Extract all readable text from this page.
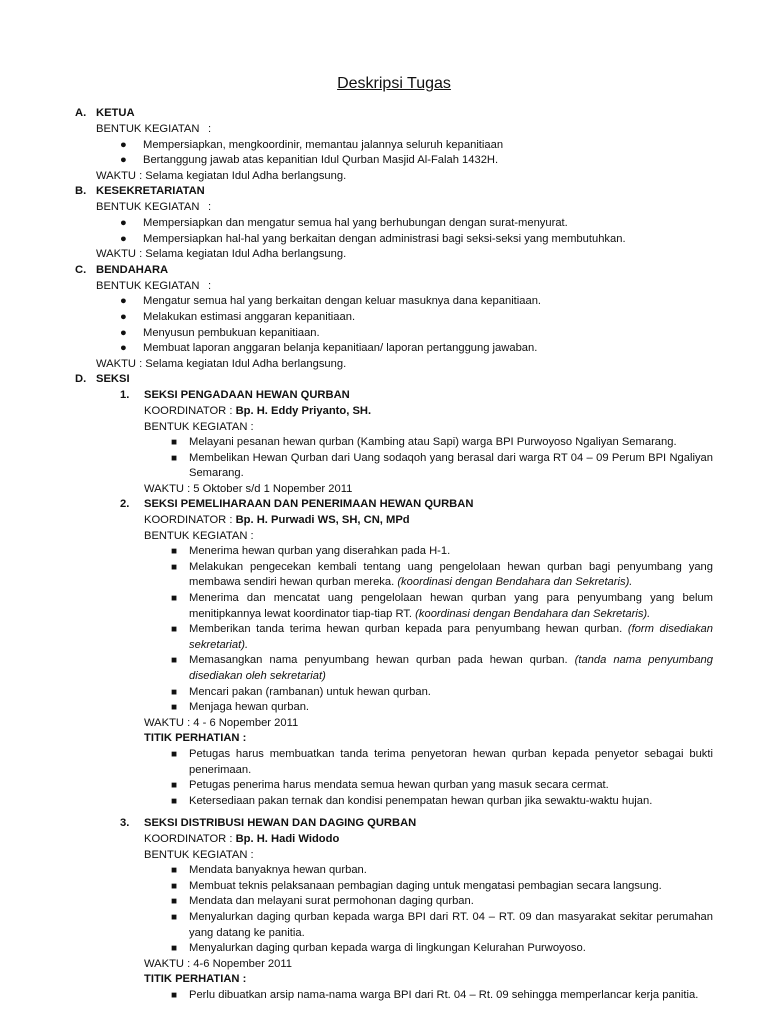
Deskripsi Tugas
A. KETUA
BENTUK KEGIATAN :
● Mempersiapkan, mengkoordinir, memantau jalannya seluruh kepanitiaan
● Bertanggung jawab atas kepanitian Idul Qurban Masjid Al-Falah 1432H.
WAKTU : Selama kegiatan Idul Adha berlangsung.
B. KESEKRETARIATAN
BENTUK KEGIATAN :
● Mempersiapkan dan mengatur semua hal yang berhubungan dengan surat-menyurat.
● Mempersiapkan hal-hal yang berkaitan dengan administrasi bagi seksi-seksi yang membutuhkan.
WAKTU : Selama kegiatan Idul Adha berlangsung.
C. BENDAHARA
BENTUK KEGIATAN :
● Mengatur semua hal yang berkaitan dengan keluar masuknya dana kepanitiaan.
● Melakukan estimasi anggaran kepanitiaan.
● Menyusun pembukuan kepanitiaan.
● Membuat laporan anggaran belanja kepanitiaan/ laporan pertanggung jawaban.
WAKTU : Selama kegiatan Idul Adha berlangsung.
D. SEKSI
1. SEKSI PENGADAAN HEWAN QURBAN
KOORDINATOR : Bp. H. Eddy Priyanto, SH.
BENTUK KEGIATAN :
■ Melayani pesanan hewan qurban (Kambing atau Sapi) warga BPI Purwoyoso Ngaliyan Semarang.
■ Membelikan Hewan Qurban dari Uang sodaqoh yang berasal dari warga RT 04 – 09 Perum BPI Ngaliyan Semarang.
WAKTU : 5 Oktober s/d 1 Nopember 2011
2. SEKSI PEMELIHARAAN DAN PENERIMAAN HEWAN QURBAN
KOORDINATOR : Bp. H. Purwadi WS, SH, CN, MPd
BENTUK KEGIATAN :
■ Menerima hewan qurban yang diserahkan pada H-1.
■ Melakukan pengecekan kembali tentang uang pengelolaan hewan qurban bagi penyumbang yang membawa sendiri hewan qurban mereka. (koordinasi dengan Bendahara dan Sekretaris).
■ Menerima dan mencatat uang pengelolaan hewan qurban yang para penyumbang yang belum menitipkannya lewat koordinator tiap-tiap RT. (koordinasi dengan Bendahara dan Sekretaris).
■ Memberikan tanda terima hewan qurban kepada para penyumbang hewan qurban. (form disediakan sekretariat).
■ Memasangkan nama penyumbang hewan qurban pada hewan qurban. (tanda nama penyumbang disediakan oleh sekretariat)
■ Mencari pakan (rambanan) untuk hewan qurban.
■ Menjaga hewan qurban.
WAKTU : 4 - 6 Nopember 2011
TITIK PERHATIAN :
■ Petugas harus membuatkan tanda terima penyetoran hewan qurban kepada penyetor sebagai bukti penerimaan.
■ Petugas penerima harus mendata semua hewan qurban yang masuk secara cermat.
■ Ketersediaan pakan ternak dan kondisi penempatan hewan qurban jika sewaktu-waktu hujan.
3. SEKSI DISTRIBUSI HEWAN DAN DAGING QURBAN
KOORDINATOR : Bp. H. Hadi Widodo
BENTUK KEGIATAN :
■ Mendata banyaknya hewan qurban.
■ Membuat teknis pelaksanaan pembagian daging untuk mengatasi pembagian secara langsung.
■ Mendata dan melayani surat permohonan daging qurban.
■ Menyalurkan daging qurban kepada warga BPI dari RT. 04 – RT. 09 dan masyarakat sekitar perumahan yang datang ke panitia.
■ Menyalurkan daging qurban kepada warga di lingkungan Kelurahan Purwoyoso.
WAKTU : 4-6 Nopember 2011
TITIK PERHATIAN :
■ Perlu dibuatkan arsip nama-nama warga BPI dari Rt. 04 – Rt. 09 sehingga memperlancar kerja panitia.
